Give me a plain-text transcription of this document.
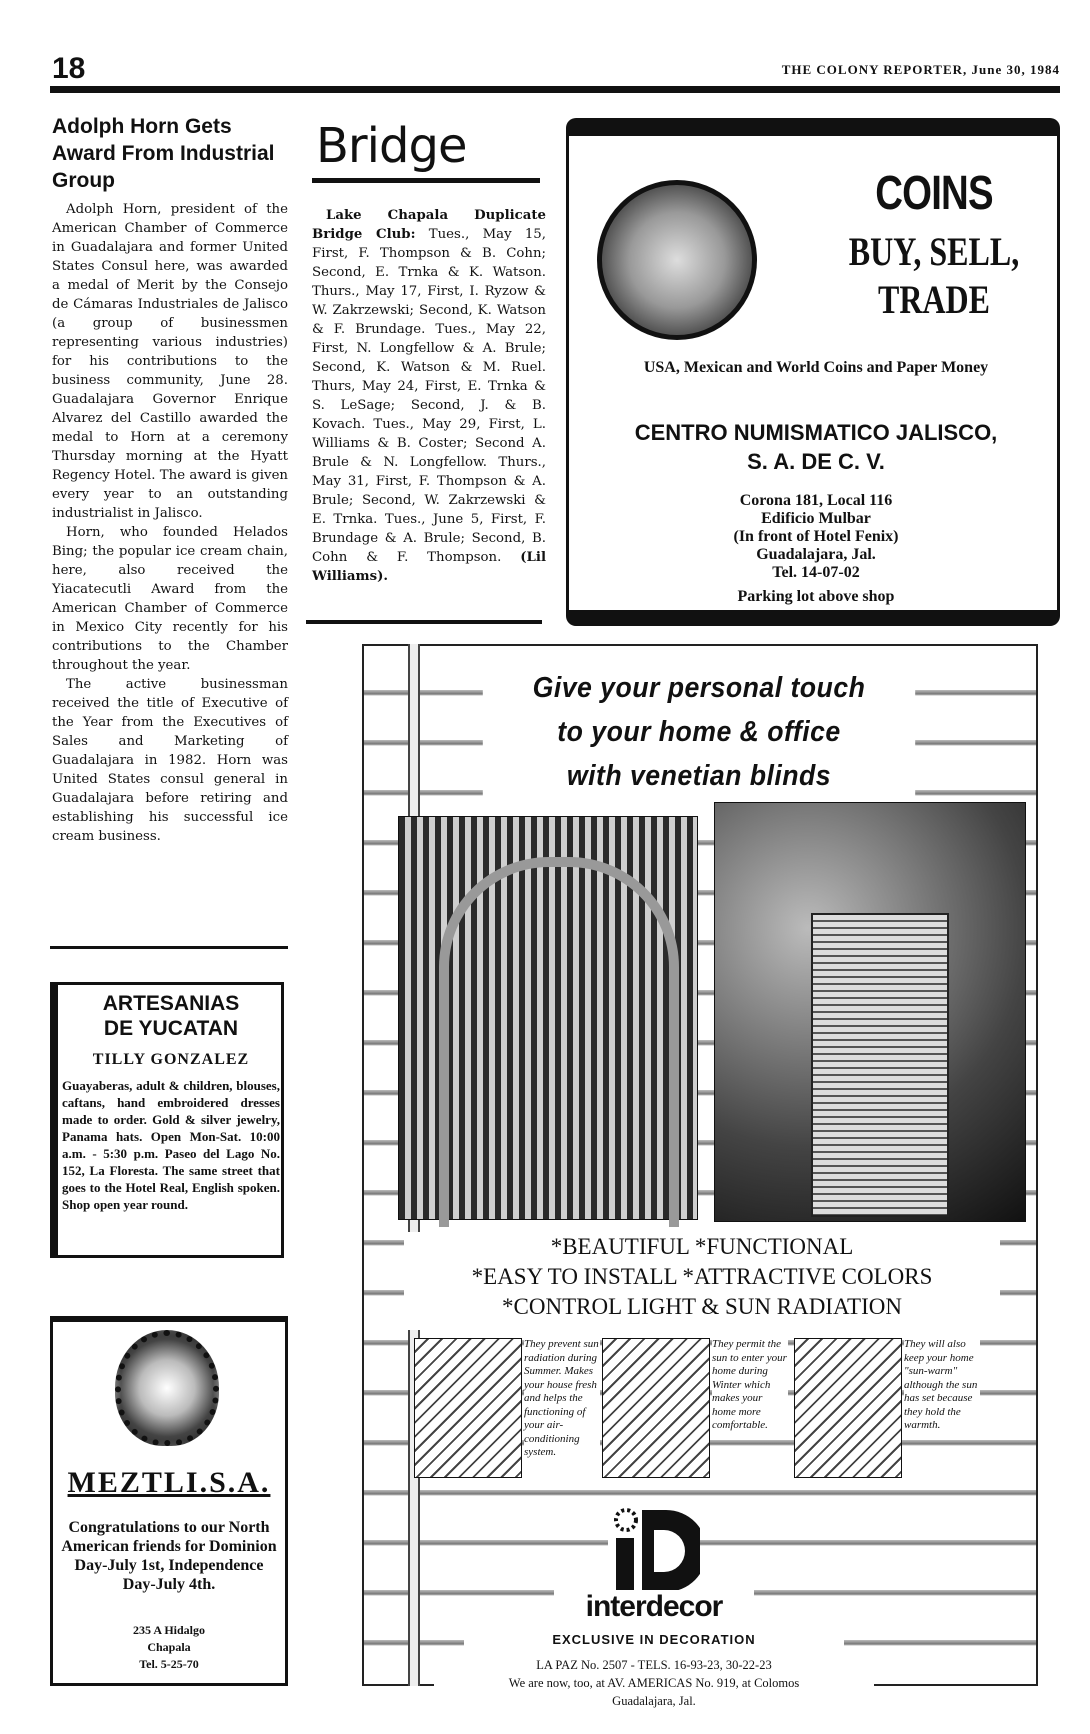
18	THE COLONY REPORTER, June 30, 1984
Adolph Horn Gets Award From Industrial Group

Adolph Horn, president of the American Chamber of Commerce in Guadalajara and former United States Consul here, was awarded a medal of Merit by the Consejo de Cámaras Industriales de Jalisco (a group of businessmen representing various industries) for his contributions to the business community, June 28. Guadalajara Governor Enrique Alvarez del Castillo awarded the medal to Horn at a ceremony Thursday morning at the Hyatt Regency Hotel. The award is given every year to an outstanding industrialist in Jalisco.

Horn, who founded Helados Bing; the popular ice cream chain, here, also received the Yiacatecutli Award from the American Chamber of Commerce in Mexico City recently for his contributions to the Chamber throughout the year.

The active businessman received the title of Executive of the Year from the Executives of Sales and Marketing of Guadalajara in 1982. Horn was United States consul general in Guadalajara before retiring and establishing his successful ice cream business.

Bridge

Lake Chapala Duplicate Bridge Club: Tues., May 15, First, F. Thompson & B. Cohn; Second, E. Trnka & K. Watson. Thurs., May 17, First, I. Ryzow & W. Zakrzewski; Second, K. Watson & F. Brundage. Tues., May 22, First, N. Longfellow & A. Brule; Second, K. Watson & M. Ruel. Thurs, May 24, First, E. Trnka & S. LeSage; Second, J. & B. Kovach. Tues., May 29, First, L. Williams & B. Coster; Second A. Brule & N. Longfellow. Thurs., May 31, First, F. Thompson & A. Brule; Second, W. Zakrzewski & E. Trnka. Tues., June 5, First, F. Brundage & A. Brule; Second, B. Cohn & F. Thompson. (Lil Williams).

COINS
BUY, SELL,
TRADE
USA, Mexican and World Coins and Paper Money
CENTRO NUMISMATICO JALISCO,
S. A. DE C. V.
Corona 181, Local 116
Edificio Mulbar
(In front of Hotel Fenix)
Guadalajara, Jal.
Tel. 14-07-02
Parking lot above shop
ARTESANIAS
DE YUCATAN
TILLY GONZALEZ
Guayaberas, adult & children, blouses, caftans, hand embroidered dresses made to order. Gold & silver jewelry, Panama hats. Open Mon-Sat. 10:00 a.m. - 5:30 p.m. Paseo del Lago No. 152, La Floresta. The same street that goes to the Hotel Real, English spoken. Shop open year round.
MEZTLI.S.A.
Congratulations to our North American friends for Dominion Day-July 1st, Independence Day-July 4th.
235 A Hidalgo
Chapala
Tel. 5-25-70
Give your personal touch
to your home & office
with venetian blinds
*BEAUTIFUL *FUNCTIONAL
*EASY TO INSTALL *ATTRACTIVE COLORS
*CONTROL LIGHT & SUN RADIATION
They prevent sun radiation during Summer. Makes your house fresh and helps the functioning of your air-conditioning system.
They permit the sun to enter your home during Winter which makes your home more comfortable.
They will also keep your home "sun-warm" although the sun has set because they hold the warmth.
interdecor
EXCLUSIVE IN DECORATION
LA PAZ No. 2507 - TELS. 16-93-23, 30-22-23
We are now, too, at AV. AMERICAS No. 919, at Colomos
Guadalajara, Jal.
